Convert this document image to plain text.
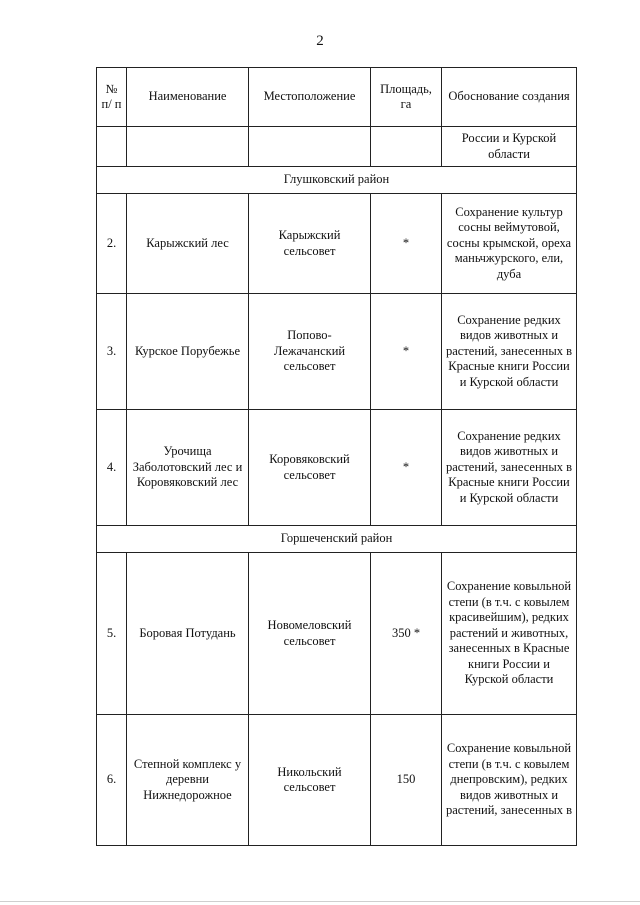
2
№ п/ п	Наименование	Местоположение	Площадь, га	Обоснование создания
				России и Курской области
Глушковский район				
2.	Карыжский лес	Карыжский сельсовет	*	Сохранение культур сосны веймутовой, сосны крымской, ореха маньчжурского, ели, дуба
3.	Курское Порубежье	Попово-Лежачанский сельсовет	*	Сохранение редких видов животных и растений, занесенных в Красные книги России и Курской области
4.	Урочища Заболотовский лес и Коровяковский лес	Коровяковский сельсовет	*	Сохранение редких видов животных и растений, занесенных в Красные книги России и Курской области
Горшеченский район				
5.	Боровая Потудань	Новомеловский сельсовет	350 *	Сохранение ковыльной степи (в т.ч. с ковылем красивейшим), редких растений и животных, занесенных в Красные книги России и Курской области
6.	Степной комплекс у деревни Нижнедорожное	Никольский сельсовет	150	Сохранение ковыльной степи (в т.ч. с ковылем днепровским), редких видов животных и растений, занесенных в
